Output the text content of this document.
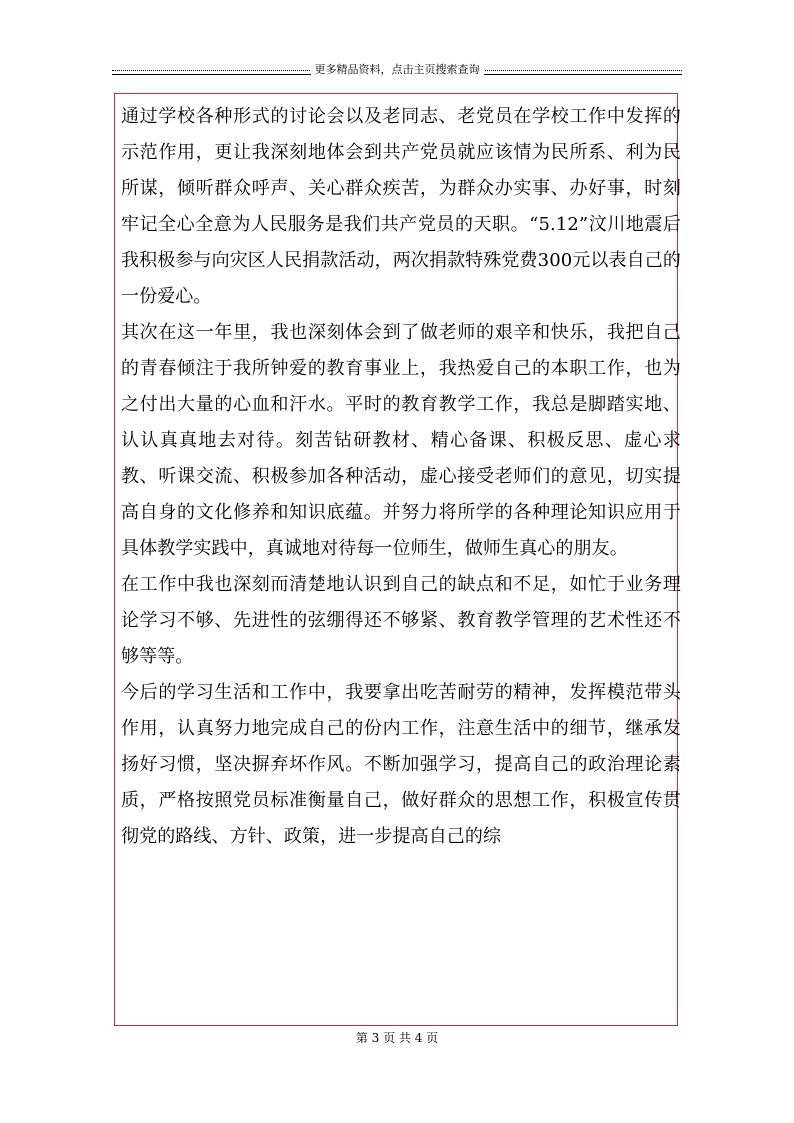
更多精品资料，点击主页搜索查询

通过学校各种形式的讨论会以及老同志、老党员在学校工作中发挥的示范作用，更让我深刻地体会到共产党员就应该情为民所系、利为民所谋，倾听群众呼声、关心群众疾苦，为群众办实事、办好事，时刻牢记全心全意为人民服务是我们共产党员的天职。“5.12”汶川地震后我积极参与向灾区人民捐款活动，两次捐款特殊党费300元以表自己的一份爱心。

其次在这一年里，我也深刻体会到了做老师的艰辛和快乐，我把自己的青春倾注于我所钟爱的教育事业上，我热爱自己的本职工作，也为之付出大量的心血和汗水。平时的教育教学工作，我总是脚踏实地、认认真真地去对待。刻苦钻研教材、精心备课、积极反思、虚心求教、听课交流、积极参加各种活动，虚心接受老师们的意见，切实提高自身的文化修养和知识底蕴。并努力将所学的各种理论知识应用于具体教学实践中，真诚地对待每一位师生，做师生真心的朋友。

在工作中我也深刻而清楚地认识到自己的缺点和不足，如忙于业务理论学习不够、先进性的弦绷得还不够紧、教育教学管理的艺术性还不够等等。

今后的学习生活和工作中，我要拿出吃苦耐劳的精神，发挥模范带头作用，认真努力地完成自己的份内工作，注意生活中的细节，继承发扬好习惯，坚决摒弃坏作风。不断加强学习，提高自己的政治理论素质，严格按照党员标准衡量自己，做好群众的思想工作，积极宣传贯彻党的路线、方针、政策，进一步提高自己的综

第 3 页 共 4 页
